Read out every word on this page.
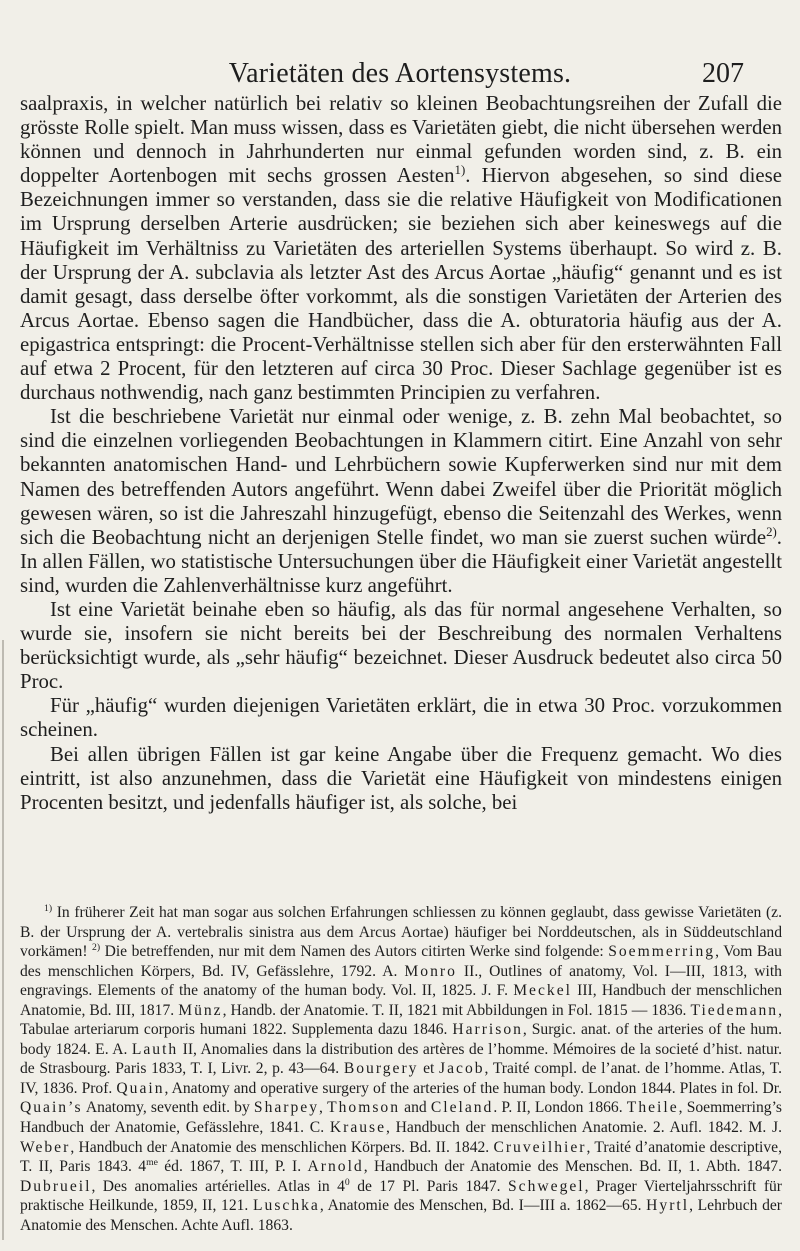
Varietäten des Aortensystems.	207

saalpraxis, in welcher natürlich bei relativ so kleinen Beobachtungsreihen der Zufall die grösste Rolle spielt. Man muss wissen, dass es Varietäten giebt, die nicht übersehen werden können und dennoch in Jahrhunderten nur einmal gefunden worden sind, z. B. ein doppelter Aortenbogen mit sechs grossen Aesten$^{1)}$. Hiervon abgesehen, so sind diese Bezeichnungen immer so verstanden, dass sie die relative Häufigkeit von Modificationen im Ursprung derselben Arterie ausdrücken; sie beziehen sich aber keineswegs auf die Häufigkeit im Verhältniss zu Varietäten des arteriellen Systems überhaupt. So wird z. B. der Ursprung der A. subclavia als letzter Ast des Arcus Aortae „häufig“ genannt und es ist damit gesagt, dass derselbe öfter vorkommt, als die sonstigen Varietäten der Arterien des Arcus Aortae. Ebenso sagen die Handbücher, dass die A. obturatoria häufig aus der A. epigastrica entspringt: die Procent-Verhältnisse stellen sich aber für den ersterwähnten Fall auf etwa 2 Procent, für den letzteren auf circa 30 Proc. Dieser Sachlage gegenüber ist es durchaus nothwendig, nach ganz bestimmten Principien zu verfahren.

Ist die beschriebene Varietät nur einmal oder wenige, z. B. zehn Mal beobachtet, so sind die einzelnen vorliegenden Beobachtungen in Klammern citirt. Eine Anzahl von sehr bekannten anatomischen Hand- und Lehrbüchern sowie Kupferwerken sind nur mit dem Namen des betreffenden Autors angeführt. Wenn dabei Zweifel über die Priorität möglich gewesen wären, so ist die Jahreszahl hinzugefügt, ebenso die Seitenzahl des Werkes, wenn sich die Beobachtung nicht an derjenigen Stelle findet, wo man sie zuerst suchen würde$^{2)}$. In allen Fällen, wo statistische Untersuchungen über die Häufigkeit einer Varietät angestellt sind, wurden die Zahlenverhältnisse kurz angeführt.

Ist eine Varietät beinahe eben so häufig, als das für normal angesehene Verhalten, so wurde sie, insofern sie nicht bereits bei der Beschreibung des normalen Verhaltens berücksichtigt wurde, als „sehr häufig“ bezeichnet. Dieser Ausdruck bedeutet also circa 50 Proc.

Für „häufig“ wurden diejenigen Varietäten erklärt, die in etwa 30 Proc. vorzukommen scheinen.

Bei allen übrigen Fällen ist gar keine Angabe über die Frequenz gemacht. Wo dies eintritt, ist also anzunehmen, dass die Varietät eine Häufigkeit von mindestens einigen Procenten besitzt, und jedenfalls häufiger ist, als solche, bei

$^{1)}$ In früherer Zeit hat man sogar aus solchen Erfahrungen schliessen zu können geglaubt, dass gewisse Varietäten (z. B. der Ursprung der A. vertebralis sinistra aus dem Arcus Aortae) häufiger bei Norddeutschen, als in Süddeutschland vorkämen! $^{2)}$ Die betreffenden, nur mit dem Namen des Autors citirten Werke sind folgende: Soemmerring, Vom Bau des menschlichen Körpers, Bd. IV, Gefässlehre, 1792. A. Monro II., Outlines of anatomy, Vol. I—III, 1813, with engravings. Elements of the anatomy of the human body. Vol. II, 1825. J. F. Meckel III, Handbuch der menschlichen Anatomie, Bd. III, 1817. Münz, Handb. der Anatomie. T. II, 1821 mit Abbildungen in Fol. 1815 — 1836. Tiedemann, Tabulae arteriarum corporis humani 1822. Supplementa dazu 1846. Harrison, Surgic. anat. of the arteries of the hum. body 1824. E. A. Lauth II, Anomalies dans la distribution des artères de l’homme. Mémoires de la societé d’hist. natur. de Strasbourg. Paris 1833, T. I, Livr. 2, p. 43—64. Bourgery et Jacob, Traité compl. de l’anat. de l’homme. Atlas, T. IV, 1836. Prof. Quain, Anatomy and operative surgery of the arteries of the human body. London 1844. Plates in fol. Dr. Quain’s Anatomy, seventh edit. by Sharpey, Thomson and Cleland. P. II, London 1866. Theile, Soemmerring’s Handbuch der Anatomie, Gefässlehre, 1841. C. Krause, Handbuch der menschlichen Anatomie. 2. Aufl. 1842. M. J. Weber, Handbuch der Anatomie des menschlichen Körpers. Bd. II. 1842. Cruveilhier, Traité d’anatomie descriptive, T. II, Paris 1843. $4^{me}$ éd. 1867, T. III, P. I. Arnold, Handbuch der Anatomie des Menschen. Bd. II, 1. Abth. 1847. Dubrueil, Des anomalies artérielles. Atlas in $4^0$ de 17 Pl. Paris 1847. Schwegel, Prager Vierteljahrsschrift für praktische Heilkunde, 1859, II, 121. Luschka, Anatomie des Menschen, Bd. I—III a. 1862—65. Hyrtl, Lehrbuch der Anatomie des Menschen. Achte Aufl. 1863.
